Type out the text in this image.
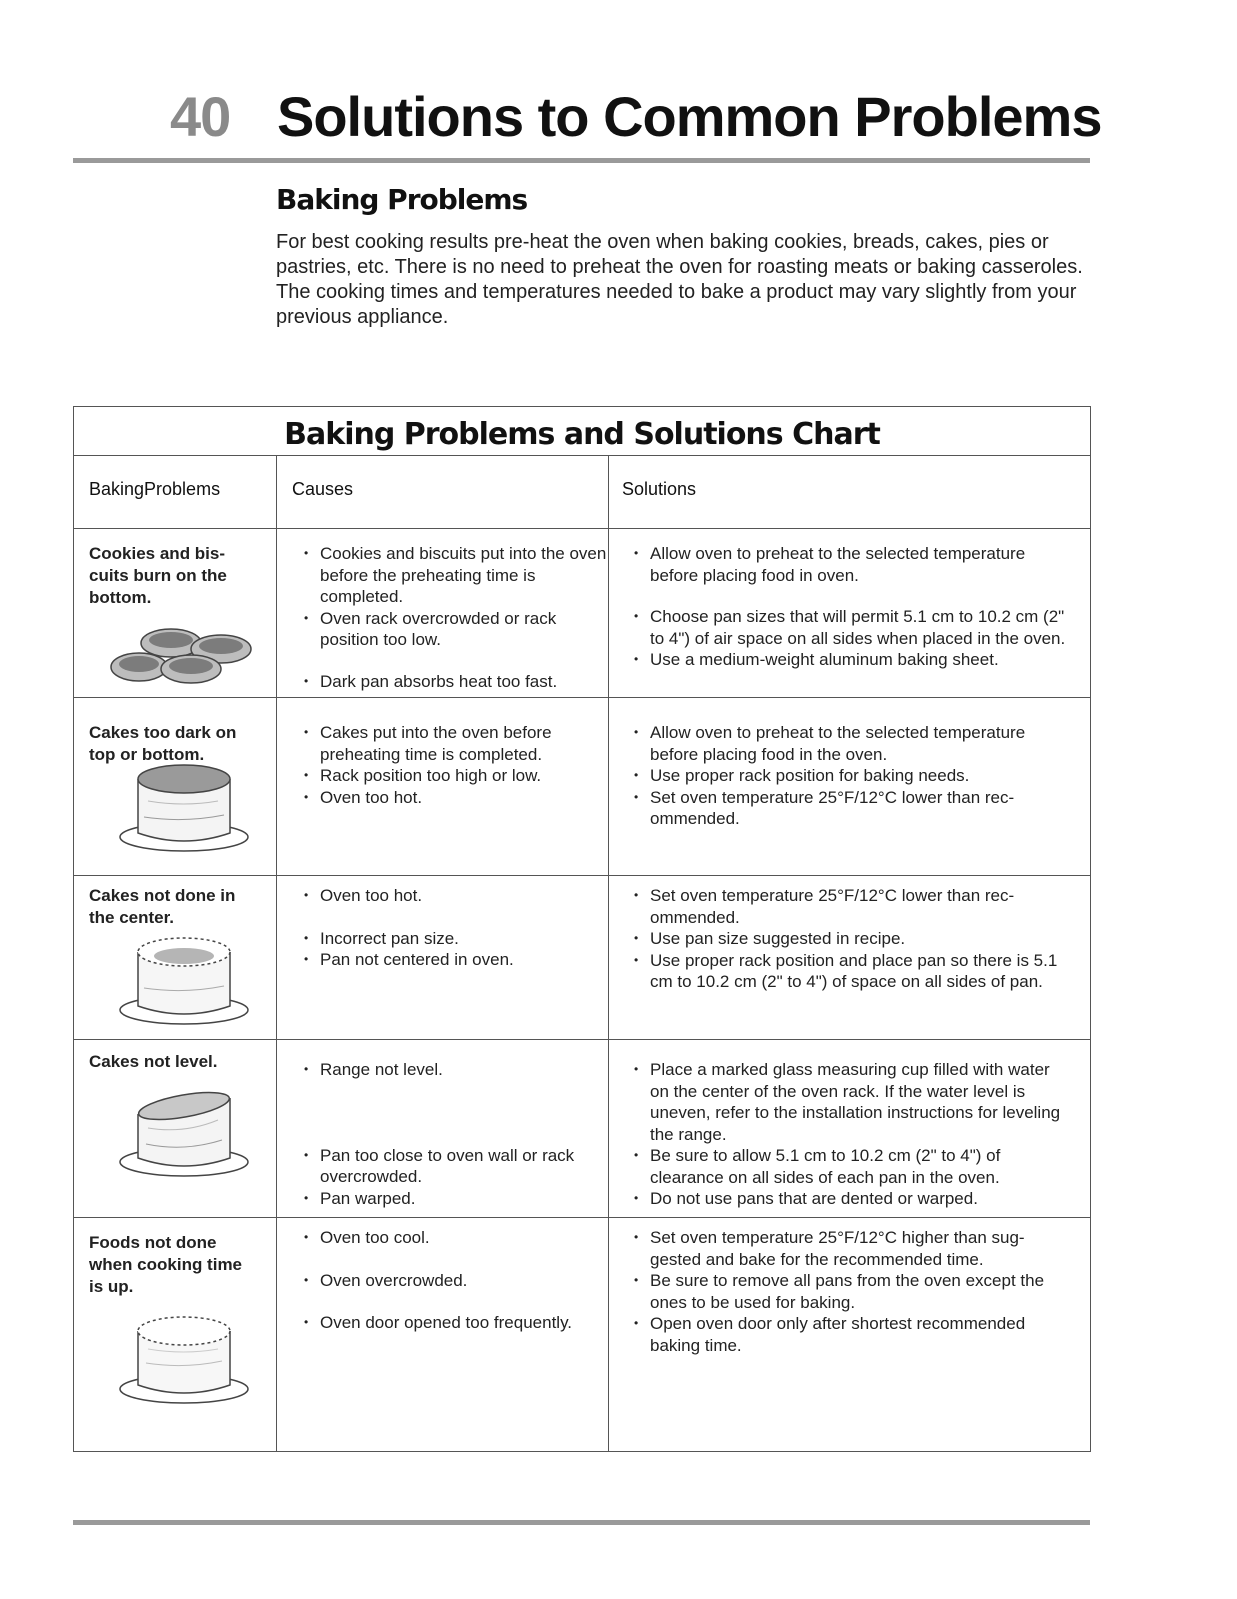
40 Solutions to Common Problems
Baking Problems

For best cooking results pre-heat the oven when baking cookies, breads, cakes, pies or pastries, etc. There is no need to preheat the oven for roasting meats or baking casseroles. The cooking times and temperatures needed to bake a product may vary slightly from your previous appliance.

Baking Problems and Solutions Chart
BakingProblems	Causes	Solutions
Cookies and bis-
cuits burn on the
bottom.
• Cookies and biscuits put into the oven before the preheating time is completed.
• Oven rack overcrowded or rack position too low.
• Dark pan absorbs heat too fast.
• Allow oven to preheat to the selected temperature before placing food in oven.
• Choose pan sizes that will permit 5.1 cm to 10.2 cm (2" to 4") of air space on all sides when placed in the oven.
• Use a medium-weight aluminum baking sheet.
Cakes too dark on
top or bottom.
• Cakes put into the oven before preheating time is completed.
• Rack position too high or low.
• Oven too hot.
• Allow oven to preheat to the selected temperature before placing food in the oven.
• Use proper rack position for baking needs.
• Set oven temperature 25°F/12°C lower than rec-ommended.
Cakes not done in
the center.
• Oven too hot.
• Incorrect pan size.
• Pan not centered in oven.
• Set oven temperature 25°F/12°C lower than rec-ommended.
• Use pan size suggested in recipe.
• Use proper rack position and place pan so there is 5.1 cm to 10.2 cm (2" to 4") of space on all sides of pan.
Cakes not level.
•	Range not level.
• Pan too close to oven wall or rack overcrowded.
• Pan warped.
• Place a marked glass measuring cup filled with water on the center of the oven rack. If the water level is uneven, refer to the installation instructions for leveling the range.
• Be sure to allow 5.1 cm to 10.2 cm (2" to 4") of clearance on all sides of each pan in the oven.
• Do not use pans that are dented or warped.
Foods not done
when cooking time
is up.
• Oven too cool.
• Oven overcrowded.
• Oven door opened too frequently.
• Set oven temperature 25°F/12°C higher than sug-gested and bake for the recommended time.
• Be sure to remove all pans from the oven except the ones to be used for baking.
• Open oven door only after shortest recommended baking time.
